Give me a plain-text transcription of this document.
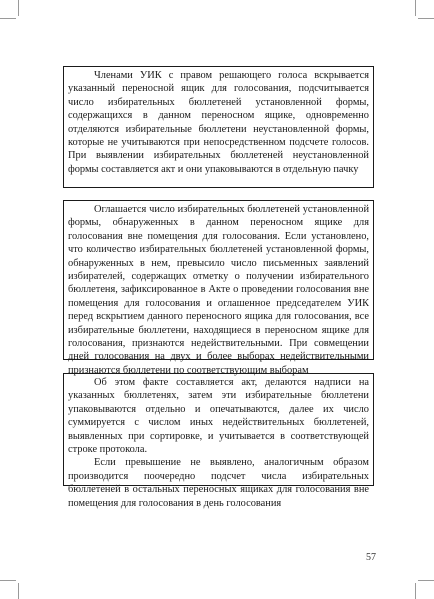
Членами УИК с правом решающего голоса вскрывается указанный переносной ящик для голосования, подсчитывается число избирательных бюллетеней установленной формы, содержащихся в данном переносном ящике, одновременно отделяются избирательные бюллетени неустановленной формы, которые не учитываются при непосредственном подсчете голосов. При выявлении избирательных бюллетеней неустановленной формы составляется акт и они упаковываются в отдельную пачку

Оглашается число избирательных бюллетеней установленной формы, обнаруженных в данном переносном ящике для голосования вне помещения для голосования. Если установлено, что количество избирательных бюллетеней установленной формы, обнаруженных в нем, превысило число письменных заявлений избирателей, содержащих отметку о получении избирательного бюллетеня, зафиксированное в Акте о проведении голосования вне помещения для голосования и оглашенное председателем УИК перед вскрытием данного переносного ящика для голосования, все избирательные бюллетени, находящиеся в переносном ящике для голосования, признаются недействительными. При совмещении дней голосования на двух и более выборах недействительными признаются бюллетени по соответствующим выборам

Об этом факте составляется акт, делаются надписи на указанных бюллетенях, затем эти избирательные бюллетени упаковываются отдельно и опечатываются, далее их число суммируется с числом иных недействительных бюллетеней, выявленных при сортировке, и учитывается в соответствующей строке протокола.

Если превышение не выявлено, аналогичным образом производится поочередно подсчет числа избирательных бюллетеней в остальных переносных ящиках для голосования вне помещения для голосования в день голосования

57
